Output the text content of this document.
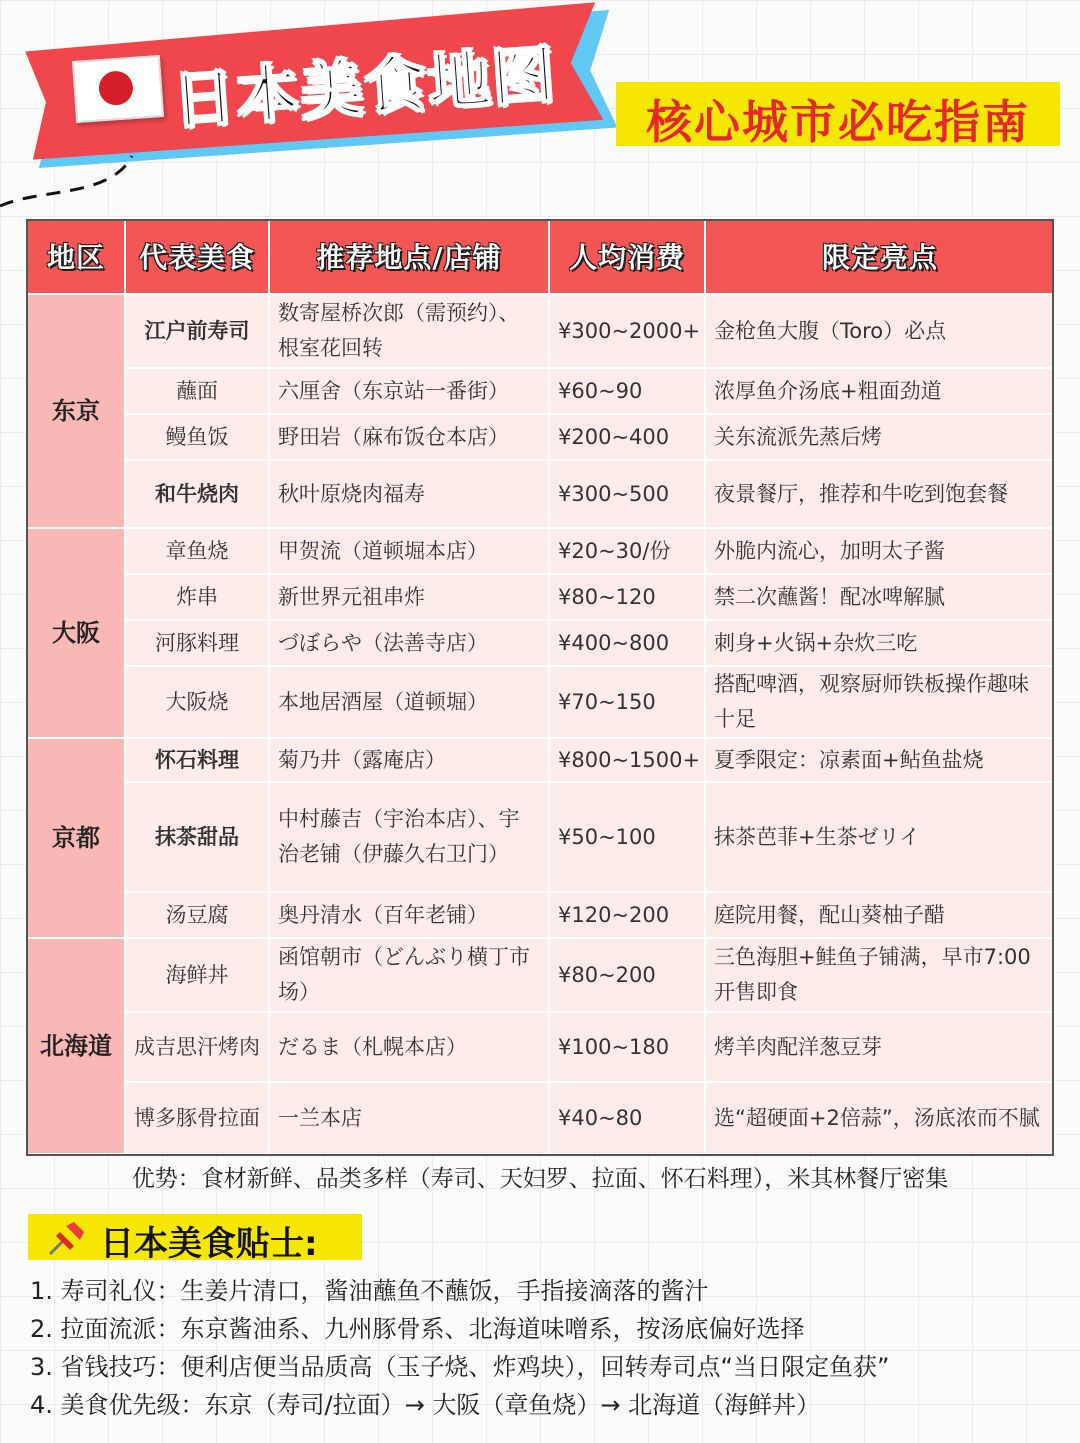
日本美食地图	核心城市必吃指南
地区	代表美食	推荐地点/店铺	人均消费	限定亮点
东京	江户前寿司	数寄屋桥次郎（需预约）、根室花回转	¥300~2000+	金枪鱼大腹（Toro）必点
	蘸面	六厘舍（东京站一番街）	¥60~90	浓厚鱼介汤底+粗面劲道
	鳗鱼饭	野田岩（麻布饭仓本店）	¥200~400	关东流派先蒸后烤
	和牛烧肉	秋叶原烧肉福寿	¥300~500	夜景餐厅，推荐和牛吃到饱套餐
大阪	章鱼烧	甲贺流（道顿堀本店）	¥20~30/份	外脆内流心，加明太子酱
	炸串	新世界元祖串炸	¥80~120	禁二次蘸酱！配冰啤解腻
	河豚料理	づぼらや（法善寺店）	¥400~800	刺身+火锅+杂炊三吃
	大阪烧	本地居酒屋（道顿堀）	¥70~150	搭配啤酒，观察厨师铁板操作趣味十足
京都	怀石料理	菊乃井（露庵店）	¥800~1500+	夏季限定：凉素面+鲇鱼盐烧
	抹茶甜品	中村藤吉（宇治本店）、宇治老铺（伊藤久右卫门）	¥50~100	抹茶芭菲+生茶ゼリイ
	汤豆腐	奥丹清水（百年老铺）	¥120~200	庭院用餐，配山葵柚子醋
北海道	海鲜丼	函馆朝市（どんぶり横丁市场）	¥80~200	三色海胆+鲑鱼子铺满，早市7:00开售即食
	成吉思汗烤肉	だるま（札幌本店）	¥100~180	烤羊肉配洋葱豆芽
	博多豚骨拉面	一兰本店	¥40~80	选“超硬面+2倍蒜”，汤底浓而不腻
优势：食材新鲜、品类多样（寿司、天妇罗、拉面、怀石料理），米其林餐厅密集
日本美食贴士:
1. 寿司礼仪：生姜片清口，酱油蘸鱼不蘸饭，手指接滴落的酱汁
2. 拉面流派：东京酱油系、九州豚骨系、北海道味噌系，按汤底偏好选择
3. 省钱技巧：便利店便当品质高（玉子烧、炸鸡块），回转寿司点“当日限定鱼获”
4. 美食优先级：东京（寿司/拉面）→ 大阪（章鱼烧）→ 北海道（海鲜丼）
